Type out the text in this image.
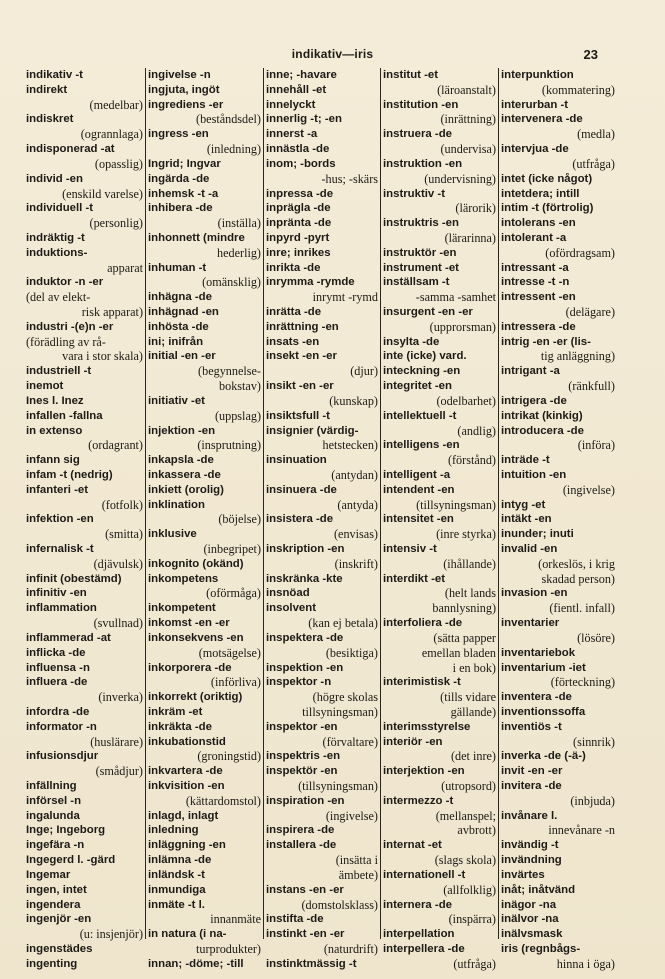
indikativ—iris	23
indikativ -t
indirekt
(medelbar)
indiskret
(ogrannlaga)
indisponerad -at
(opasslig)
individ -en
(enskild varelse)
individuell -t
(personlig)
indräktig -t
induktions-
apparat
induktor -n -er
(del av elekt-
risk apparat)
industri -(e)n -er
(förädling av rå-
vara i stor skala)
industriell -t
inemot
Ines l. Inez
infallen -fallna
in extenso
(ordagrant)
infann sig
infam -t (nedrig)
infanteri -et
(fotfolk)
infektion -en
(smitta)
infernalisk -t
(djävulsk)
infinit (obestämd)
infinitiv -en
inflammation
(svullnad)
inflammerad -at
inflicka -de
influensa -n
influera -de
(inverka)
infordra -de
informator -n
(huslärare)
infusionsdjur
(smådjur)
infällning
införsel -n
ingalunda
Inge; Ingeborg
ingefära -n
Ingegerd l. -gärd
Ingemar
ingen, intet
ingendera
ingenjör -en
(u: insjenjör)
ingenstädes
ingenting
ingivelse -n
ingjuta, ingöt
ingrediens -er
(beståndsdel)
ingress -en
(inledning)
Ingrid; Ingvar
ingärda -de
inhemsk -t -a
inhibera -de
(inställa)
inhonnett (mindre
hederlig)
inhuman -t
(omänsklig)
inhägna -de
inhägnad -en
inhösta -de
ini; inifrån
initial -en -er
(begynnelse-
bokstav)
initiativ -et
(uppslag)
injektion -en
(insprutning)
inkapsla -de
inkassera -de
inkiett (orolig)
inklination
(böjelse)
inklusive
(inbegripet)
inkognito (okänd)
inkompetens
(oförmåga)
inkompetent
inkomst -en -er
inkonsekvens -en
(motsägelse)
inkorporera -de
(införliva)
inkorrekt (oriktig)
inkräm -et
inkräkta -de
inkubationstid
(groningstid)
inkvartera -de
inkvisition -en
(kättardomstol)
inlagd, inlagt
inledning
inläggning -en
inlämna -de
inländsk -t
inmundiga
inmäte -t l.
innanmäte
in natura (i na-
turprodukter)
innan; -döme; -till
inne; -havare
innehåll -et
innelyckt
innerlig -t; -en
innerst -a
innästla -de
inom; -bords
-hus; -skärs
inpressa -de
inprägla -de
inpränta -de
inpyrd -pyrt
inre; inrikes
inrikta -de
inrymma -rymde
inrymt -rymd
inrätta -de
inrättning -en
insats -en
insekt -en -er
(djur)
insikt -en -er
(kunskap)
insiktsfull -t
insignier (värdig-
hetstecken)
insinuation
(antydan)
insinuera -de
(antyda)
insistera -de
(envisas)
inskription -en
(inskrift)
inskränka -kte
insnöad
insolvent
(kan ej betala)
inspektera -de
(besiktiga)
inspektion -en
inspektor -n
(högre skolas
tillsyningsman)
inspektor -en
(förvaltare)
inspektris -en
inspektör -en
(tillsyningsman)
inspiration -en
(ingivelse)
inspirera -de
installera -de
(insätta i
ämbete)
instans -en -er
(domstolsklass)
instifta -de
instinkt -en -er
(naturdrift)
instinktmässig -t
institut -et
(läroanstalt)
institution -en
(inrättning)
instruera -de
(undervisa)
instruktion -en
(undervisning)
instruktiv -t
(lärorik)
instruktris -en
(lärarinna)
instruktör -en
instrument -et
inställsam -t
-samma -samhet
insurgent -en -er
(upprorsman)
insylta -de
inte (icke) vard.
inteckning -en
integritet -en
(odelbarhet)
intellektuell -t
(andlig)
intelligens -en
(förstånd)
intelligent -a
intendent -en
(tillsyningsman)
intensitet -en
(inre styrka)
intensiv -t
(ihållande)
interdikt -et
(helt lands
bannlysning)
interfoliera -de
(sätta papper
emellan bladen
i en bok)
interimistisk -t
(tills vidare
gällande)
interimsstyrelse
interiör -en
(det inre)
interjektion -en
(utropsord)
intermezzo -t
(mellanspel;
avbrott)
internat -et
(slags skola)
internationell -t
(allfolklig)
internera -de
(inspärra)
interpellation
interpellera -de
(utfråga)
interpunktion
(kommatering)
interurban -t
intervenera -de
(medla)
intervjua -de
(utfråga)
intet (icke något)
intetdera; intill
intim -t (förtrolig)
intolerans -en
intolerant -a
(ofördragsam)
intressant -a
intresse -t -n
intressent -en
(delägare)
intressera -de
intrig -en -er (lis-
tig anläggning)
intrigant -a
(ränkfull)
intrigera -de
intrikat (kinkig)
introducera -de
(införa)
inträde -t
intuition -en
(ingivelse)
intyg -et
intäkt -en
inunder; inuti
invalid -en
(orkeslös, i krig
skadad person)
invasion -en
(fientl. infall)
inventarier
(lösöre)
inventariebok
inventarium -iet
(förteckning)
inventera -de
inventionssoffa
inventiös -t
(sinnrik)
inverka -de (-ä-)
invit -en -er
invitera -de
(inbjuda)
invånare l.
innevånare -n
invändig -t
invändning
invärtes
inåt; inåtvänd
inägor -na
inälvor -na
inälvsmask
iris (regnbågs-
hinna i öga)
